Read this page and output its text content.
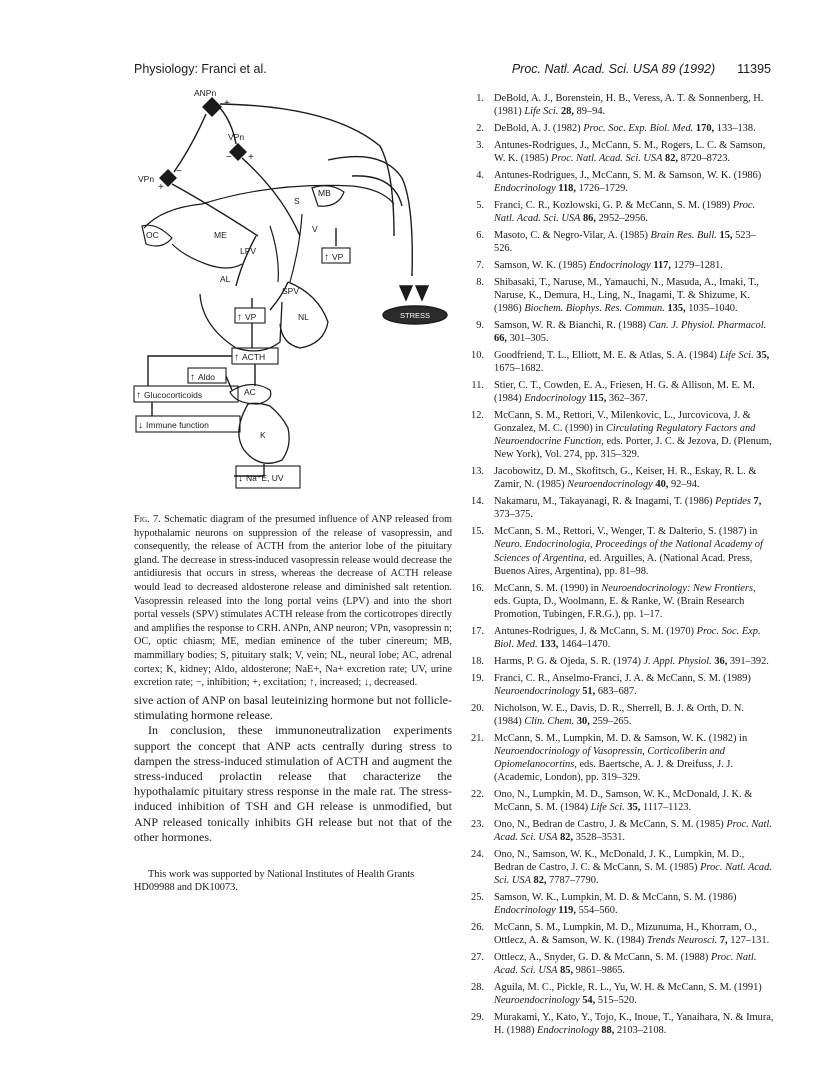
Physiology: Franci et al.	Proc. Natl. Acad. Sci. USA 89 (1992) 11395
STRESS
ANPn
VPn
VPn
OC	ME
S
MB
V
LPV
AL
SPV
NL
VP
VP
ACTH
Aldo
AC
K
Glucocorticoids
Immune function
Na⁺E, UV
+
− +
−
+
↑
↑
↑
↑
↑
↓
↓
Fig. 7. Schematic diagram of the presumed influence of ANP released from hypothalamic neurons on suppression of the release of vasopressin, and consequently, the release of ACTH from the anterior lobe of the pituitary gland. The decrease in stress-induced vasopressin release would decrease the antidiuresis that occurs in stress, whereas the decrease of ACTH release would lead to decreased aldosterone release and diminished salt retention. Vasopressin released into the long portal veins (LPV) and into the short portal vessels (SPV) stimulates ACTH release from the corticotropes directly and amplifies the response to CRH. ANPn, ANP neuron; VPn, vasopressin n; OC, optic chiasm; ME, median eminence of the tuber cinereum; MB, mammillary bodies; S, pituitary stalk; V, vein; NL, neural lobe; AC, adrenal cortex; K, kidney; Aldo, aldosterone; NaE+, Na+ excretion rate; UV, urine excretion rate; −, inhibition; +, excitation; ↑, increased; ↓, decreased.

sive action of ANP on basal leuteinizing hormone but not follicle-stimulating hormone release.

In conclusion, these immunoneutralization experiments support the concept that ANP acts centrally during stress to dampen the stress-induced stimulation of ACTH and augment the stress-induced prolactin release that characterize the hypothalamic pituitary stress response in the male rat. The stress-induced inhibition of TSH and GH release is unmodified, but ANP released tonically inhibits GH release but not that of the other hormones.

This work was supported by National Institutes of Health Grants HD09988 and DK10073.

1. DeBold, A. J., Borenstein, H. B., Veress, A. T. & Sonnenberg, H. (1981) Life Sci. 28, 89–94.
2. DeBold, A. J. (1982) Proc. Soc. Exp. Biol. Med. 170, 133–138.
3. Antunes-Rodrigues, J., McCann, S. M., Rogers, L. C. & Samson, W. K. (1985) Proc. Natl. Acad. Sci. USA 82, 8720–8723.
4. Antunes-Rodrigues, J., McCann, S. M. & Samson, W. K. (1986) Endocrinology 118, 1726–1729.
5. Franci, C. R., Kozlowski, G. P. & McCann, S. M. (1989) Proc. Natl. Acad. Sci. USA 86, 2952–2956.
6. Masoto, C. & Negro-Vilar, A. (1985) Brain Res. Bull. 15, 523–526.
7. Samson, W. K. (1985) Endocrinology 117, 1279–1281.
8. Shibasaki, T., Naruse, M., Yamauchi, N., Masuda, A., Imaki, T., Naruse, K., Demura, H., Ling, N., Inagami, T. & Shizume, K. (1986) Biochem. Biophys. Res. Commun. 135, 1035–1040.
9. Samson, W. R. & Bianchi, R. (1988) Can. J. Physiol. Pharmacol. 66, 301–305.
10. Goodfriend, T. L., Elliott, M. E. & Atlas, S. A. (1984) Life Sci. 35, 1675–1682.
11. Stier, C. T., Cowden, E. A., Friesen, H. G. & Allison, M. E. M. (1984) Endocrinology 115, 362–367.
12. McCann, S. M., Rettori, V., Milenkovic, L., Jurcovicova, J. & Gonzalez, M. C. (1990) in Circulating Regulatory Factors and Neuroendocrine Function, eds. Porter, J. C. & Jezova, D. (Plenum, New York), Vol. 274, pp. 315–329.
13. Jacobowitz, D. M., Skofitsch, G., Keiser, H. R., Eskay, R. L. & Zamir, N. (1985) Neuroendocrinology 40, 92–94.
14. Nakamaru, M., Takayanagi, R. & Inagami, T. (1986) Peptides 7, 373–375.
15. McCann, S. M., Rettori, V., Wenger, T. & Dalterio, S. (1987) in Neuro. Endocrinologia, Proceedings of the National Academy of Sciences of Argentina, ed. Arguilles, A. (National Acad. Press, Buenos Aires, Argentina), pp. 81–98.
16. McCann, S. M. (1990) in Neuroendocrinology: New Frontiers, eds. Gupta, D., Woolmann, E. & Ranke, W. (Brain Research Promotion, Tubingen, F.R.G.), pp. 1–17.
17. Antunes-Rodrigues, J. & McCann, S. M. (1970) Proc. Soc. Exp. Biol. Med. 133, 1464–1470.
18. Harms, P. G. & Ojeda, S. R. (1974) J. Appl. Physiol. 36, 391–392.
19. Franci, C. R., Anselmo-Franci, J. A. & McCann, S. M. (1989) Neuroendocrinology 51, 683–687.
20. Nicholson, W. E., Davis, D. R., Sherrell, B. J. & Orth, D. N. (1984) Clin. Chem. 30, 259–265.
21. McCann, S. M., Lumpkin, M. D. & Samson, W. K. (1982) in Neuroendocrinology of Vasopressin, Corticoliberin and Opiomelanocortins, eds. Baertsche, A. J. & Dreifuss, J. J. (Academic, London), pp. 319–329.
22. Ono, N., Lumpkin, M. D., Samson, W. K., McDonald, J. K. & McCann, S. M. (1984) Life Sci. 35, 1117–1123.
23. Ono, N., Bedran de Castro, J. & McCann, S. M. (1985) Proc. Natl. Acad. Sci. USA 82, 3528–3531.
24. Ono, N., Samson, W. K., McDonald, J. K., Lumpkin, M. D., Bedran de Castro, J. C. & McCann, S. M. (1985) Proc. Natl. Acad. Sci. USA 82, 7787–7790.
25. Samson, W. K., Lumpkin, M. D. & McCann, S. M. (1986) Endocrinology 119, 554–560.
26. McCann, S. M., Lumpkin, M. D., Mizunuma, H., Khorram, O., Ottlecz, A. & Samson, W. K. (1984) Trends Neurosci. 7, 127–131.
27. Ottlecz, A., Snyder, G. D. & McCann, S. M. (1988) Proc. Natl. Acad. Sci. USA 85, 9861–9865.
28. Aguila, M. C., Pickle, R. L., Yu, W. H. & McCann, S. M. (1991) Neuroendocrinology 54, 515–520.
29. Murakami, Y., Kato, Y., Tojo, K., Inoue, T., Yanaihara, N. & Imura, H. (1988) Endocrinology 88, 2103–2108.
